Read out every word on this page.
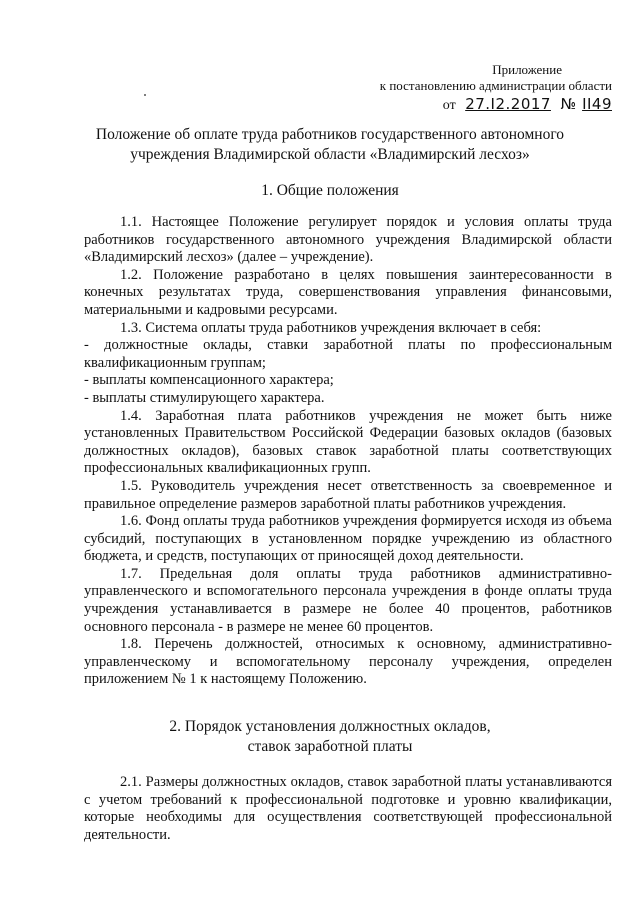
Приложение
к постановлению администрации области
от 27.I2.2017 № II49
Положение об оплате труда работников государственного автономного
учреждения Владимирской области «Владимирский лесхоз»
1. Общие положения

1.1. Настоящее Положение регулирует порядок и условия оплаты труда работников государственного автономного учреждения Владимирской области «Владимирский лесхоз» (далее – учреждение).

1.2. Положение разработано в целях повышения заинтересованности в конечных результатах труда, совершенствования управления финансовыми, материальными и кадровыми ресурсами.

1.3. Система оплаты труда работников учреждения включает в себя:

- должностные оклады, ставки заработной платы по профессиональным квалификационным группам;

- выплаты компенсационного характера;

- выплаты стимулирующего характера.

1.4. Заработная плата работников учреждения не может быть ниже установленных Правительством Российской Федерации базовых окладов (базовых должностных окладов), базовых ставок заработной платы соответствующих профессиональных квалификационных групп.

1.5. Руководитель учреждения несет ответственность за своевременное и правильное определение размеров заработной платы работников учреждения.

1.6. Фонд оплаты труда работников учреждения формируется исходя из объема субсидий, поступающих в установленном порядке учреждению из областного бюджета, и средств, поступающих от приносящей доход деятельности.

1.7. Предельная доля оплаты труда работников административно-управленческого и вспомогательного персонала учреждения в фонде оплаты труда учреждения устанавливается в размере не более 40 процентов, работников основного персонала - в размере не менее 60 процентов.

1.8. Перечень должностей, относимых к основному, административно-управленческому и вспомогательному персоналу учреждения, определен приложением № 1 к настоящему Положению.

2. Порядок установления должностных окладов,
ставок заработной платы

2.1. Размеры должностных окладов, ставок заработной платы устанавливаются с учетом требований к профессиональной подготовке и уровню квалификации, которые необходимы для осуществления соответствующей профессиональной деятельности.
